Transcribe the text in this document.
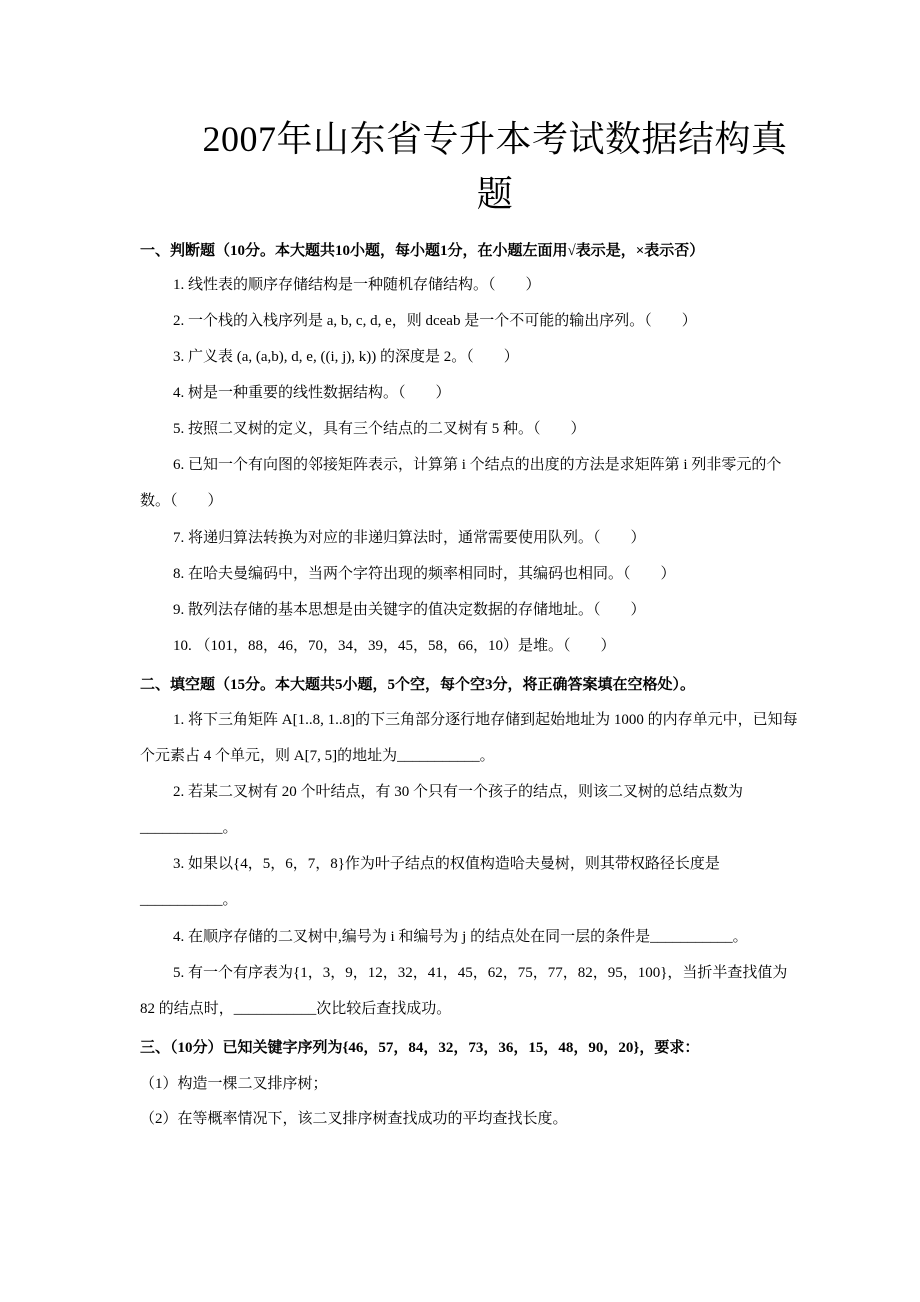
2007年山东省专升本考试数据结构真题
一、判断题（10分。本大题共10小题，每小题1分，在小题左面用√表示是，×表示否）
1. 线性表的顺序存储结构是一种随机存储结构。（　　）
2. 一个栈的入栈序列是 a, b, c, d, e，则 dceab 是一个不可能的输出序列。（　　）
3. 广义表 (a, (a,b), d, e, ((i, j), k)) 的深度是 2。（　　）
4. 树是一种重要的线性数据结构。（　　）
5. 按照二叉树的定义，具有三个结点的二叉树有 5 种。（　　）
6. 已知一个有向图的邻接矩阵表示，计算第 i 个结点的出度的方法是求矩阵第 i 列非零元的个数。（　　）
7. 将递归算法转换为对应的非递归算法时，通常需要使用队列。（　　）
8. 在哈夫曼编码中，当两个字符出现的频率相同时，其编码也相同。（　　）
9. 散列法存储的基本思想是由关键字的值决定数据的存储地址。（　　）
10. （101，88，46，70，34，39，45，58，66，10）是堆。（　　）
二、填空题（15分。本大题共5小题，5个空，每个空3分，将正确答案填在空格处）。
1. 将下三角矩阵 A[1..8, 1..8]的下三角部分逐行地存储到起始地址为 1000 的内存单元中，已知每个元素占 4 个单元，则 A[7, 5]的地址为___________。
2. 若某二叉树有 20 个叶结点，有 30 个只有一个孩子的结点，则该二叉树的总结点数为___________。
3. 如果以{4，5，6，7，8}作为叶子结点的权值构造哈夫曼树，则其带权路径长度是___________。
4. 在顺序存储的二叉树中,编号为 i 和编号为 j 的结点处在同一层的条件是___________。
5. 有一个有序表为{1，3，9，12，32，41，45，62，75，77，82，95，100}，当折半查找值为 82 的结点时，___________次比较后查找成功。
三、（10分）已知关键字序列为{46，57，84，32，73，36，15，48，90，20}，要求：
（1）构造一棵二叉排序树；
（2）在等概率情况下，该二叉排序树查找成功的平均查找长度。
